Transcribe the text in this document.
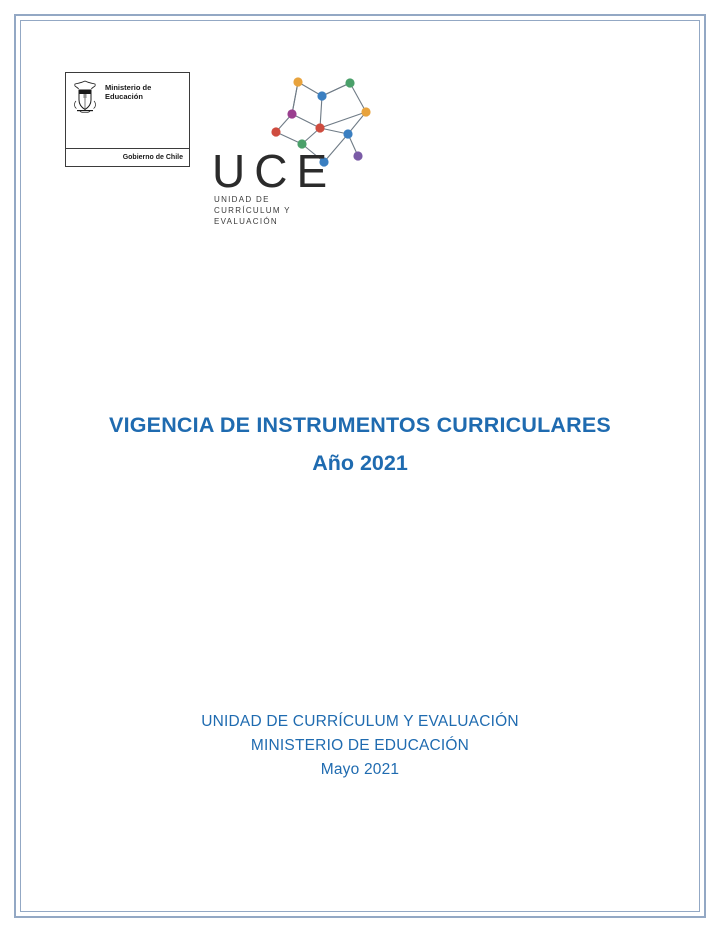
Ministerio de
Educación
Gobierno de Chile UCE
UNIDAD DE
CURRÍCULUM Y
EVALUACIÓN
VIGENCIA DE INSTRUMENTOS CURRICULARES
Año 2021

UNIDAD DE CURRÍCULUM Y EVALUACIÓN

MINISTERIO DE EDUCACIÓN

Mayo 2021
